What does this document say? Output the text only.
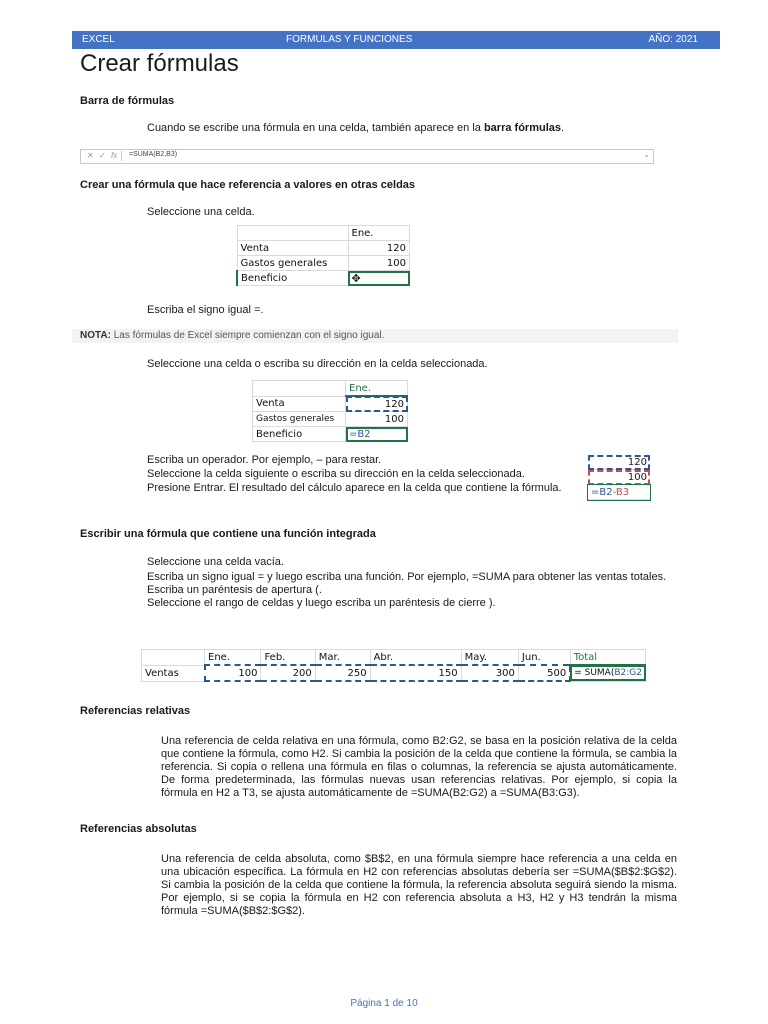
EXCEL	FORMULAS Y FUNCIONES	AÑO: 2021
Crear fórmulas
Barra de fórmulas
Cuando se escribe una fórmula en una celda, también aparece en la barra fórmulas.
✕ ✓ fx =SUMA(B2,B3)	⌄
Crear una fórmula que hace referencia a valores en otras celdas
Seleccione una celda.
	Ene.
Venta	120
Gastos generales	100
Beneficio	✥
Escriba el signo igual =.
NOTA: Las fórmulas de Excel siempre comienzan con el signo igual.
Seleccione una celda o escriba su dirección en la celda seleccionada.
	Ene.
Venta	120
Gastos generales	100
Beneficio	=B2
Escriba un operador. Por ejemplo, – para restar.
Seleccione la celda siguiente o escriba su dirección en la celda seleccionada.
Presione Entrar. El resultado del cálculo aparece en la celda que contiene la fórmula.
120
100
=B2-B3
Escribir una fórmula que contiene una función integrada
Seleccione una celda vacía.
Escriba un signo igual = y luego escriba una función. Por ejemplo, =SUMA para obtener las ventas totales.
Escriba un paréntesis de apertura (.
Seleccione el rango de celdas y luego escriba un paréntesis de cierre ).
	Ene.	Feb.	Mar.	Abr.	May.	Jun.	Total
Ventas	100	200	250	150	300	500	= SUMA(B2:G2
Referencias relativas
Una referencia de celda relativa en una fórmula, como B2:G2, se basa en la posición relativa de la celda que contiene la fórmula, como H2. Si cambia la posición de la celda que contiene la fórmula, se cambia la referencia. Si copia o rellena una fórmula en filas o columnas, la referencia se ajusta automáticamente. De forma predeterminada, las fórmulas nuevas usan referencias relativas. Por ejemplo, si copia la fórmula en H2 a T3, se ajusta automáticamente de =SUMA(B2:G2) a =SUMA(B3:G3).
Referencias absolutas
Una referencia de celda absoluta, como $B$2, en una fórmula siempre hace referencia a una celda en una ubicación específica. La fórmula en H2 con referencias absolutas debería ser =SUMA($B$2:$G$2). Si cambia la posición de la celda que contiene la fórmula, la referencia absoluta seguirá siendo la misma. Por ejemplo, si se copia la fórmula en H2 con referencia absoluta a H3, H2 y H3 tendrán la misma fórmula =SUMA($B$2:$G$2).
Página 1 de 10
